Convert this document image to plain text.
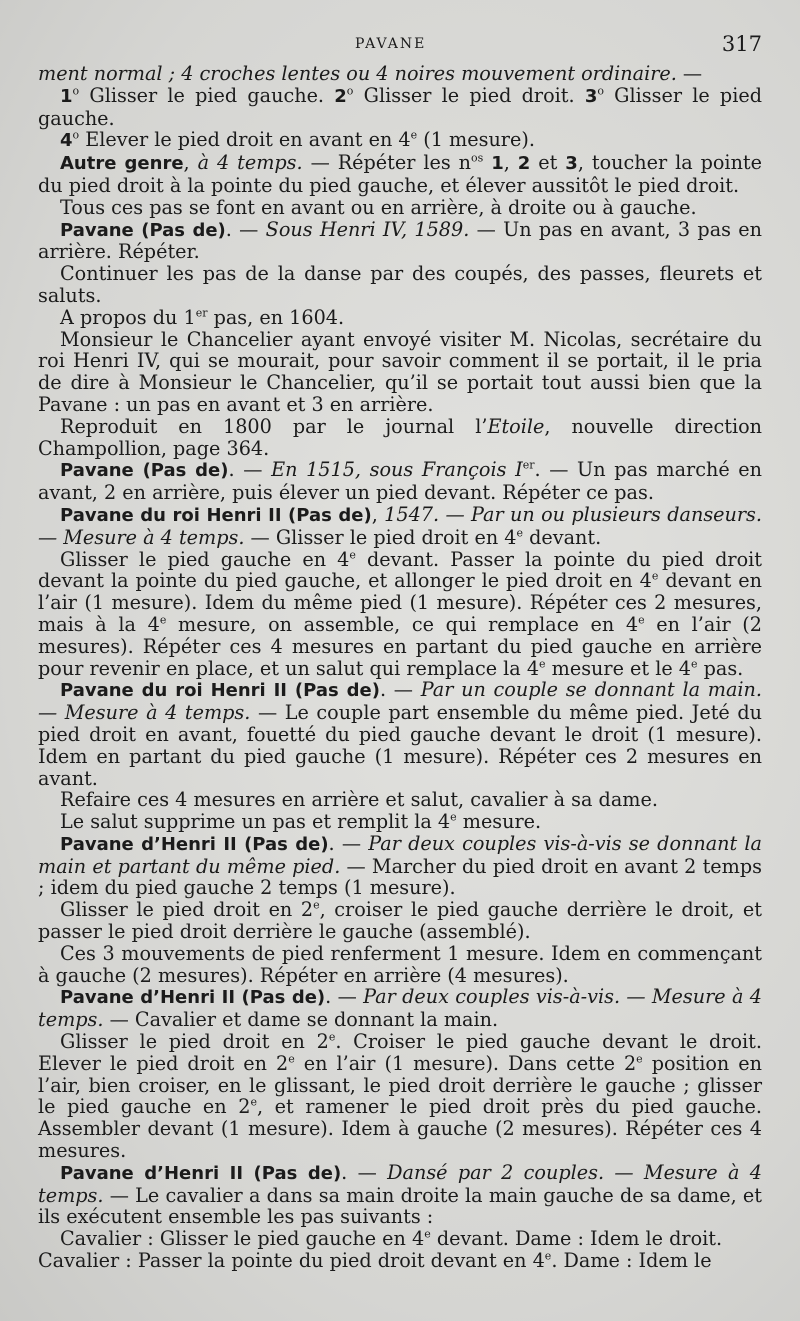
PAVANE	317

ment normal ; 4 croches lentes ou 4 noires mouvement ordinaire. —

1$^o$ Glisser le pied gauche. 2$^o$ Glisser le pied droit. 3$^o$ Glisser le pied gauche.

4$^o$ Elever le pied droit en avant en 4e (1 mesure).

Autre genre, à 4 temps. — Répéter les $n^{os}$ 1, 2 et 3, toucher la pointe du pied droit à la pointe du pied gauche, et élever aussitôt le pied droit.

Tous ces pas se font en avant ou en arrière, à droite ou à gauche.

Pavane (Pas de). — Sous Henri IV, 1589. — Un pas en avant, 3 pas en arrière. Répéter.

Continuer les pas de la danse par des coupés, des passes, fleurets et saluts.

A propos du 1er pas, en 1604.

Monsieur le Chancelier ayant envoyé visiter M. Nicolas, secrétaire du roi Henri IV, qui se mourait, pour savoir comment il se portait, il le pria de dire à Monsieur le Chancelier, qu’il se portait tout aussi bien que la Pavane : un pas en avant et 3 en arrière.

Reproduit en 1800 par le journal l’Etoile, nouvelle direction Champollion, page 364.

Pavane (Pas de). — En 1515, sous François Ier. — Un pas marché en avant, 2 en arrière, puis élever un pied devant. Répéter ce pas.

Pavane du roi Henri II (Pas de), 1547. — Par un ou plusieurs danseurs. — Mesure à 4 temps. — Glisser le pied droit en 4e devant.

Glisser le pied gauche en 4e devant. Passer la pointe du pied droit devant la pointe du pied gauche, et allonger le pied droit en 4e devant en l’air (1 mesure). Idem du même pied (1 mesure). Répéter ces 2 mesures, mais à la 4e mesure, on assemble, ce qui remplace en 4e en l’air (2 mesures). Répéter ces 4 mesures en partant du pied gauche en arrière pour revenir en place, et un salut qui remplace la 4e mesure et le 4e pas.

Pavane du roi Henri II (Pas de). — Par un couple se donnant la main. — Mesure à 4 temps. — Le couple part ensemble du même pied. Jeté du pied droit en avant, fouetté du pied gauche devant le droit (1 mesure). Idem en partant du pied gauche (1 mesure). Répéter ces 2 mesures en avant.

Refaire ces 4 mesures en arrière et salut, cavalier à sa dame.

Le salut supprime un pas et remplit la 4e mesure.

Pavane d’Henri II (Pas de). — Par deux couples vis-à-vis se donnant la main et partant du même pied. — Marcher du pied droit en avant 2 temps ; idem du pied gauche 2 temps (1 mesure).

Glisser le pied droit en 2e, croiser le pied gauche derrière le droit, et passer le pied droit derrière le gauche (assemblé).

Ces 3 mouvements de pied renferment 1 mesure. Idem en commençant à gauche (2 mesures). Répéter en arrière (4 mesures).

Pavane d’Henri II (Pas de). — Par deux couples vis-à-vis. — Mesure à 4 temps. — Cavalier et dame se donnant la main.

Glisser le pied droit en 2e. Croiser le pied gauche devant le droit. Elever le pied droit en 2e en l’air (1 mesure). Dans cette 2e position en l’air, bien croiser, en le glissant, le pied droit derrière le gauche ; glisser le pied gauche en 2e, et ramener le pied droit près du pied gauche. Assembler devant (1 mesure). Idem à gauche (2 mesures). Répéter ces 4 mesures.

Pavane d’Henri II (Pas de). — Dansé par 2 couples. — Mesure à 4 temps. — Le cavalier a dans sa main droite la main gauche de sa dame, et ils exécutent ensemble les pas suivants :

Cavalier : Glisser le pied gauche en 4e devant. Dame : Idem le droit.

Cavalier : Passer la pointe du pied droit devant en 4e. Dame : Idem le
